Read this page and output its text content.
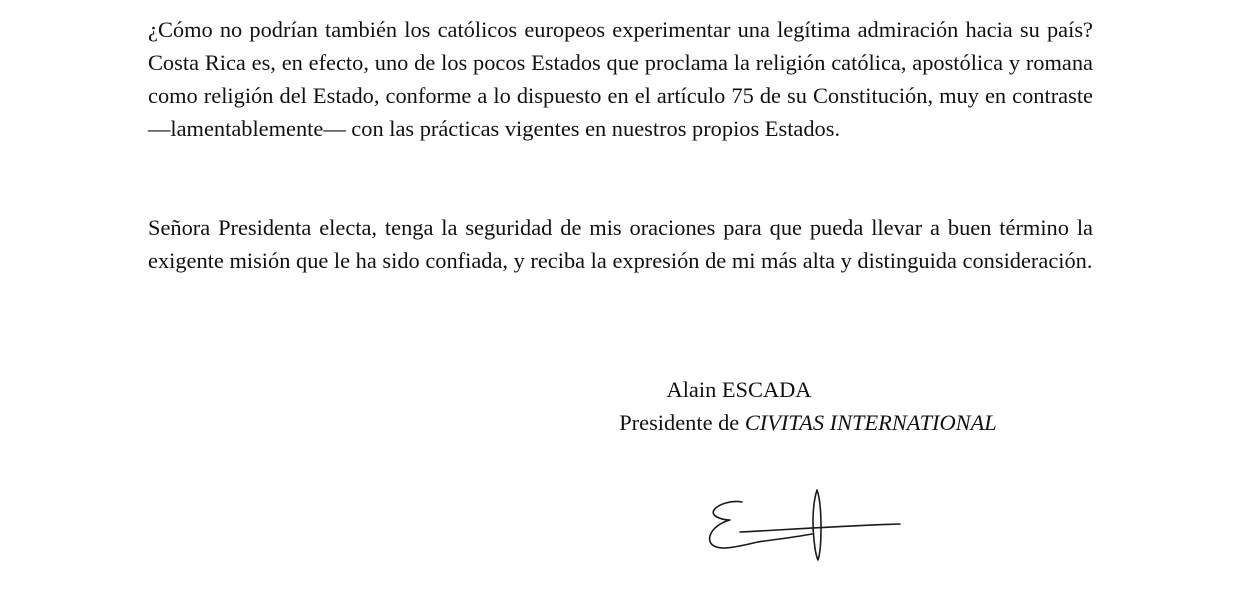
¿Cómo no podrían también los católicos europeos experimentar una legítima admiración hacia su país? Costa Rica es, en efecto, uno de los pocos Estados que proclama la religión católica, apostólica y romana como religión del Estado, conforme a lo dispuesto en el artículo 75 de su Constitución, muy en contraste —lamentablemente— con las prácticas vigentes en nuestros propios Estados.

Señora Presidenta electa, tenga la seguridad de mis oraciones para que pueda llevar a buen término la exigente misión que le ha sido confiada, y reciba la expresión de mi más alta y distinguida consideración.

Alain ESCADA
Presidente de CIVITAS INTERNATIONAL
